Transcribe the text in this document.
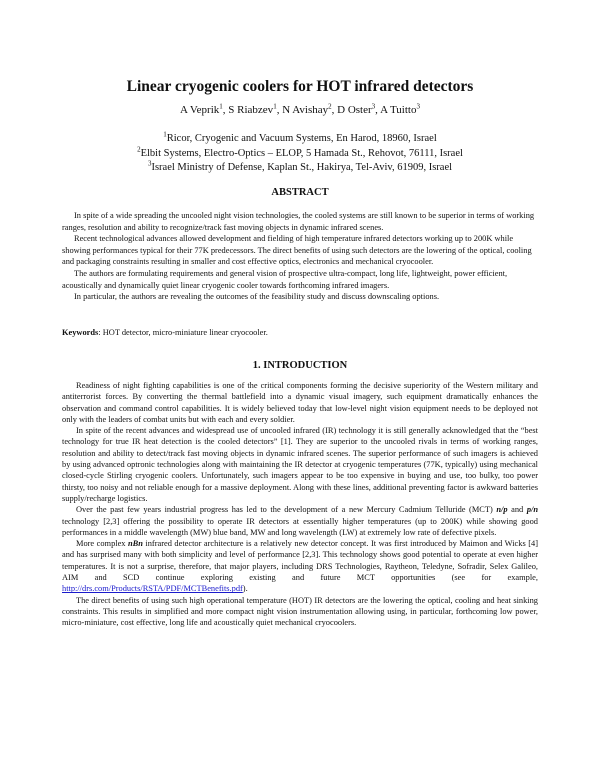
Linear cryogenic coolers for HOT infrared detectors
A Veprik$^1$, S Riabzev$^1$, N Avishay$^2$, D Oster$^3$, A Tuitto$^3$
$^1$Ricor, Cryogenic and Vacuum Systems, En Harod, 18960, Israel
$^2$Elbit Systems, Electro-Optics – ELOP, 5 Hamada St., Rehovot, 76111, Israel
$^3$Israel Ministry of Defense, Kaplan St., Hakirya, Tel-Aviv, 61909, Israel
ABSTRACT

In spite of a wide spreading the uncooled night vision technologies, the cooled systems are still known to be superior in terms of working ranges, resolution and ability to recognize/track fast moving objects in dynamic infrared scenes.

Recent technological advances allowed development and fielding of high temperature infrared detectors working up to 200K while showing performances typical for their 77K predecessors. The direct benefits of using such detectors are the lowering of the optical, cooling and packaging constraints resulting in smaller and cost effective optics, electronics and mechanical cryocooler.

The authors are formulating requirements and general vision of prospective ultra-compact, long life, lightweight, power efficient, acoustically and dynamically quiet linear cryogenic cooler towards forthcoming infrared imagers.

In particular, the authors are revealing the outcomes of the feasibility study and discuss downscaling options.

Keywords: HOT detector, micro-miniature linear cryocooler.
1. INTRODUCTION

Readiness of night fighting capabilities is one of the critical components forming the decisive superiority of the Western military and antiterrorist forces. By converting the thermal battlefield into a dynamic visual imagery, such equipment dramatically enhances the observation and command control capabilities. It is widely believed today that low-level night vision equipment needs to be deployed not only with the leaders of combat units but with each and every soldier.

In spite of the recent advances and widespread use of uncooled infrared (IR) technology it is still generally acknowledged that the “best technology for true IR heat detection is the cooled detectors” [1]. They are superior to the uncooled rivals in terms of working ranges, resolution and ability to detect/track fast moving objects in dynamic infrared scenes. The superior performance of such imagers is achieved by using advanced optronic technologies along with maintaining the IR detector at cryogenic temperatures (77K, typically) using mechanical closed-cycle Stirling cryogenic coolers. Unfortunately, such imagers appear to be too expensive in buying and use, too bulky, too power thirsty, too noisy and not reliable enough for a massive deployment. Along with these lines, additional preventing factor is awkward batteries supply/recharge logistics.

Over the past few years industrial progress has led to the development of a new Mercury Cadmium Telluride (MCT) n/p and p/n technology [2,3] offering the possibility to operate IR detectors at essentially higher temperatures (up to 200K) while showing good performances in a middle wavelength (MW) blue band, MW and long wavelength (LW) at extremely low rate of defective pixels.

More complex nBn infrared detector architecture is a relatively new detector concept. It was first introduced by Maimon and Wicks [4] and has surprised many with both simplicity and level of performance [2,3]. This technology shows good potential to operate at even higher temperatures. It is not a surprise, therefore, that major players, including DRS Technologies, Raytheon, Teledyne, Sofradir, Selex Galileo, AIM and SCD continue exploring existing and future MCT opportunities (see for example, http://drs.com/Products/RSTA/PDF/MCTBenefits.pdf).

The direct benefits of using such high operational temperature (HOT) IR detectors are the lowering the optical, cooling and heat sinking constraints. This results in simplified and more compact night vision instrumentation allowing using, in particular, forthcoming low power, micro-miniature, cost effective, long life and acoustically quiet mechanical cryocoolers.
